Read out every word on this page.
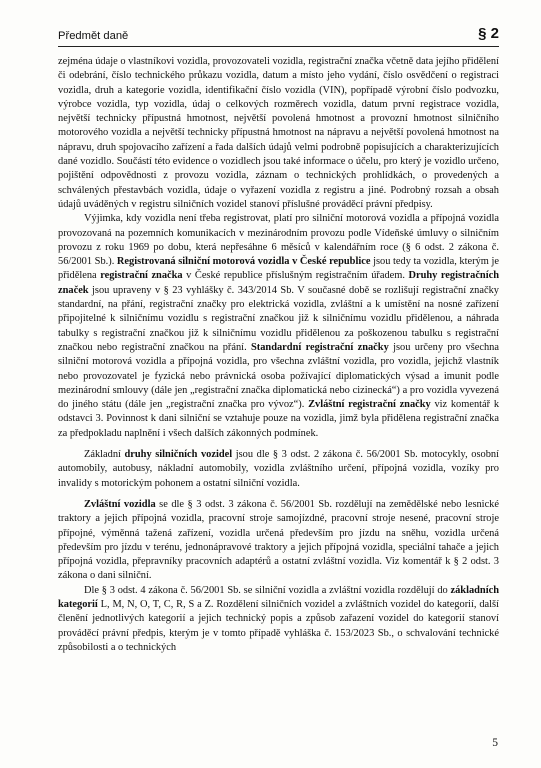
Předmět daně	§ 2

zejména údaje o vlastníkovi vozidla, provozovateli vozidla, registrační značka včetně data jejího přidělení či odebrání, číslo technického průkazu vozidla, datum a místo jeho vydání, číslo osvědčení o registraci vozidla, druh a kategorie vozidla, identifikační číslo vozidla (VIN), popřípadě výrobní číslo podvozku, výrobce vozidla, typ vozidla, údaj o celkových rozměrech vozidla, datum první registrace vozidla, největší technicky přípustná hmotnost, největší povolená hmotnost a provozní hmotnost silničního motorového vozidla a největší technicky přípustná hmotnost na nápravu a největší povolená hmotnost na nápravu, druh spojovacího zařízení a řada dalších údajů velmi podrobně popisujících a charakterizujících dané vozidlo. Součástí této evidence o vozidlech jsou také informace o účelu, pro který je vozidlo určeno, pojištění odpovědnosti z provozu vozidla, záznam o technických prohlídkách, o provedených a schválených přestavbách vozidla, údaje o vyřazení vozidla z registru a jiné. Podrobný rozsah a obsah údajů uváděných v registru silničních vozidel stanoví příslušné prováděcí právní předpisy.

Výjimka, kdy vozidla není třeba registrovat, platí pro silniční motorová vozidla a přípojná vozidla provozovaná na pozemních komunikacích v mezinárodním provozu podle Vídeňské úmluvy o silničním provozu z roku 1969 po dobu, která nepřesáhne 6 měsíců v kalendářním roce (§ 6 odst. 2 zákona č. 56/2001 Sb.). Registrovaná silniční motorová vozidla v České republice jsou tedy ta vozidla, kterým je přidělena registrační značka v České republice příslušným registračním úřadem. Druhy registračních značek jsou upraveny v § 23 vyhlášky č. 343/2014 Sb. V současné době se rozlišují registrační značky standardní, na přání, registrační značky pro elektrická vozidla, zvláštní a k umístění na nosné zařízení připojitelné k silničnímu vozidlu s registrační značkou již k silničnímu vozidlu přidělenou, a náhrada tabulky s registrační značkou již k silničnímu vozidlu přidělenou za poškozenou tabulku s registrační značkou nebo registrační značkou na přání. Standardní registrační značky jsou určeny pro všechna silniční motorová vozidla a přípojná vozidla, pro všechna zvláštní vozidla, pro vozidla, jejichž vlastník nebo provozovatel je fyzická nebo právnická osoba požívající diplomatických výsad a imunit podle mezinárodní smlouvy (dále jen „registrační značka diplomatická nebo cizinecká“) a pro vozidla vyvezená do jiného státu (dále jen „registrační značka pro vývoz“). Zvláštní registrační značky viz komentář k odstavci 3. Povinnost k dani silniční se vztahuje pouze na vozidla, jimž byla přidělena registrační značka za předpokladu naplnění i všech dalších zákonných podmínek.

Základní druhy silničních vozidel jsou dle § 3 odst. 2 zákona č. 56/2001 Sb. motocykly, osobní automobily, autobusy, nákladní automobily, vozidla zvláštního určení, přípojná vozidla, vozíky pro invalidy s motorickým pohonem a ostatní silniční vozidla.

Zvláštní vozidla se dle § 3 odst. 3 zákona č. 56/2001 Sb. rozdělují na zemědělské nebo lesnické traktory a jejich přípojná vozidla, pracovní stroje samojízdné, pracovní stroje nesené, pracovní stroje přípojné, výměnná tažená zařízení, vozidla určená především pro jízdu na sněhu, vozidla určená především pro jízdu v terénu, jednonápravové traktory a jejich přípojná vozidla, speciální tahače a jejich přípojná vozidla, přepravníky pracovních adaptérů a ostatní zvláštní vozidla. Viz komentář k § 2 odst. 3 zákona o dani silniční.

Dle § 3 odst. 4 zákona č. 56/2001 Sb. se silniční vozidla a zvláštní vozidla rozdělují do základních kategorií L, M, N, O, T, C, R, S a Z. Rozdělení silničních vozidel a zvláštních vozidel do kategorií, další členění jednotlivých kategorií a jejich technický popis a způsob zařazení vozidel do kategorií stanoví prováděcí právní předpis, kterým je v tomto případě vyhláška č. 153/2023 Sb., o schvalování technické způsobilosti a o technických

5
